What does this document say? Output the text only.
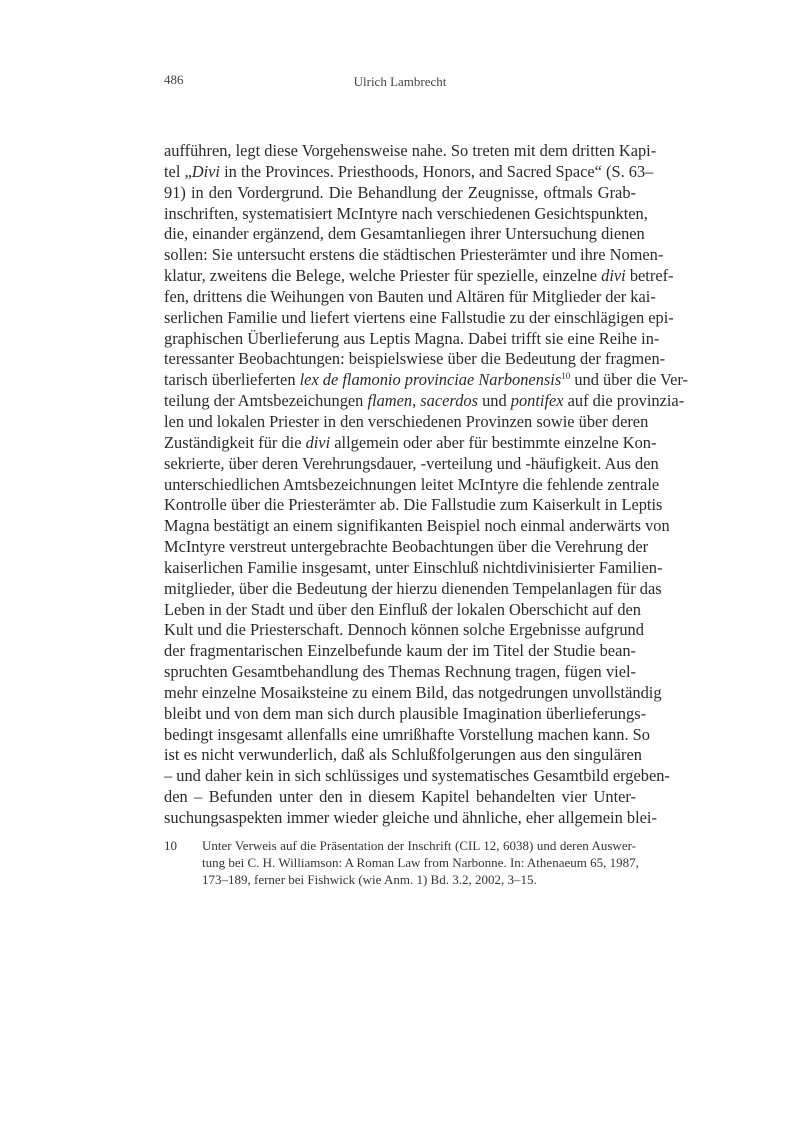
486	Ulrich Lambrecht
aufführen, legt diese Vorgehensweise nahe. So treten mit dem dritten Kapi-
tel „Divi in the Provinces. Priesthoods, Honors, and Sacred Space“ (S. 63–
91) in den Vordergrund. Die Behandlung der Zeugnisse, oftmals Grab-
inschriften, systematisiert McIntyre nach verschiedenen Gesichtspunkten,
die, einander ergänzend, dem Gesamtanliegen ihrer Untersuchung dienen
sollen: Sie untersucht erstens die städtischen Priesterämter und ihre Nomen-
klatur, zweitens die Belege, welche Priester für spezielle, einzelne divi betref-
fen, drittens die Weihungen von Bauten und Altären für Mitglieder der kai-
serlichen Familie und liefert viertens eine Fallstudie zu der einschlägigen epi-
graphischen Überlieferung aus Leptis Magna. Dabei trifft sie eine Reihe in-
teressanter Beobachtungen: beispielswiese über die Bedeutung der fragmen-
tarisch überlieferten lex de flamonio provinciae Narbonensis$^{10}$ und über die Ver-
teilung der Amtsbezeichungen flamen, sacerdos und pontifex auf die provinzia-
len und lokalen Priester in den verschiedenen Provinzen sowie über deren
Zuständigkeit für die divi allgemein oder aber für bestimmte einzelne Kon-
sekrierte, über deren Verehrungsdauer, -verteilung und -häufigkeit. Aus den
unterschiedlichen Amtsbezeichnungen leitet McIntyre die fehlende zentrale
Kontrolle über die Priesterämter ab. Die Fallstudie zum Kaiserkult in Leptis
Magna bestätigt an einem signifikanten Beispiel noch einmal anderwärts von
McIntyre verstreut untergebrachte Beobachtungen über die Verehrung der
kaiserlichen Familie insgesamt, unter Einschluß nichtdivinisierter Familien-
mitglieder, über die Bedeutung der hierzu dienenden Tempelanlagen für das
Leben in der Stadt und über den Einfluß der lokalen Oberschicht auf den
Kult und die Priesterschaft. Dennoch können solche Ergebnisse aufgrund
der fragmentarischen Einzelbefunde kaum der im Titel der Studie bean-
spruchten Gesamtbehandlung des Themas Rechnung tragen, fügen viel-
mehr einzelne Mosaiksteine zu einem Bild, das notgedrungen unvollständig
bleibt und von dem man sich durch plausible Imagination überlieferungs-
bedingt insgesamt allenfalls eine umrißhafte Vorstellung machen kann. So
ist es nicht verwunderlich, daß als Schlußfolgerungen aus den singulären
– und daher kein in sich schlüssiges und systematisches Gesamtbild ergeben-
den – Befunden unter den in diesem Kapitel behandelten vier Unter-
suchungsaspekten immer wieder gleiche und ähnliche, eher allgemein blei-
10 Unter Verweis auf die Präsentation der Inschrift (CIL 12, 6038) und deren Auswer-
tung bei C. H. Williamson: A Roman Law from Narbonne. In: Athenaeum 65, 1987,
173–189, ferner bei Fishwick (wie Anm. 1) Bd. 3.2, 2002, 3–15.
